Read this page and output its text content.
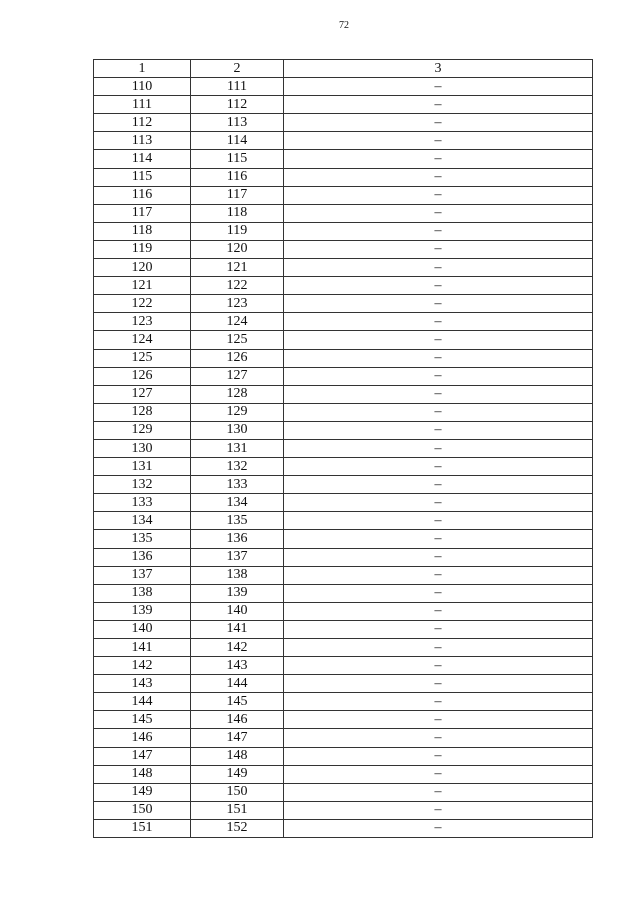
72
1	2	3
110	111	–
111	112	–
112	113	–
113	114	–
114	115	–
115	116	–
116	117	–
117	118	–
118	119	–
119	120	–
120	121	–
121	122	–
122	123	–
123	124	–
124	125	–
125	126	–
126	127	–
127	128	–
128	129	–
129	130	–
130	131	–
131	132	–
132	133	–
133	134	–
134	135	–
135	136	–
136	137	–
137	138	–
138	139	–
139	140	–
140	141	–
141	142	–
142	143	–
143	144	–
144	145	–
145	146	–
146	147	–
147	148	–
148	149	–
149	150	–
150	151	–
151	152	–
